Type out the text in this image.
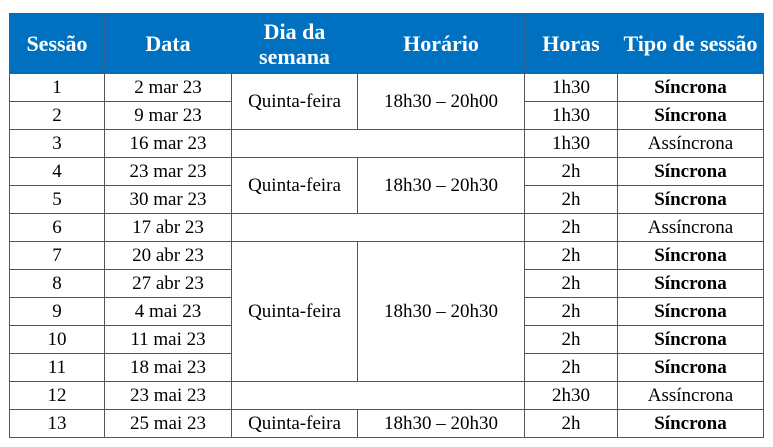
Sessão	Data	Dia da semana	Horário	Horas	Tipo de sessão
1	2 mar 23	Quinta-feira	18h30 – 20h00	1h30	Síncrona
2	9 mar 23			1h30	Síncrona
3	16 mar 23			1h30	Assíncrona
4	23 mar 23	Quinta-feira	18h30 – 20h30	2h	Síncrona
5	30 mar 23			2h	Síncrona
6	17 abr 23			2h	Assíncrona
7	20 abr 23	Quinta-feira	18h30 – 20h30	2h	Síncrona
8	27 abr 23			2h	Síncrona
9	4 mai 23			2h	Síncrona
10	11 mai 23			2h	Síncrona
11	18 mai 23			2h	Síncrona
12	23 mai 23			2h30	Assíncrona
13	25 mai 23	Quinta-feira	18h30 – 20h30	2h	Síncrona
